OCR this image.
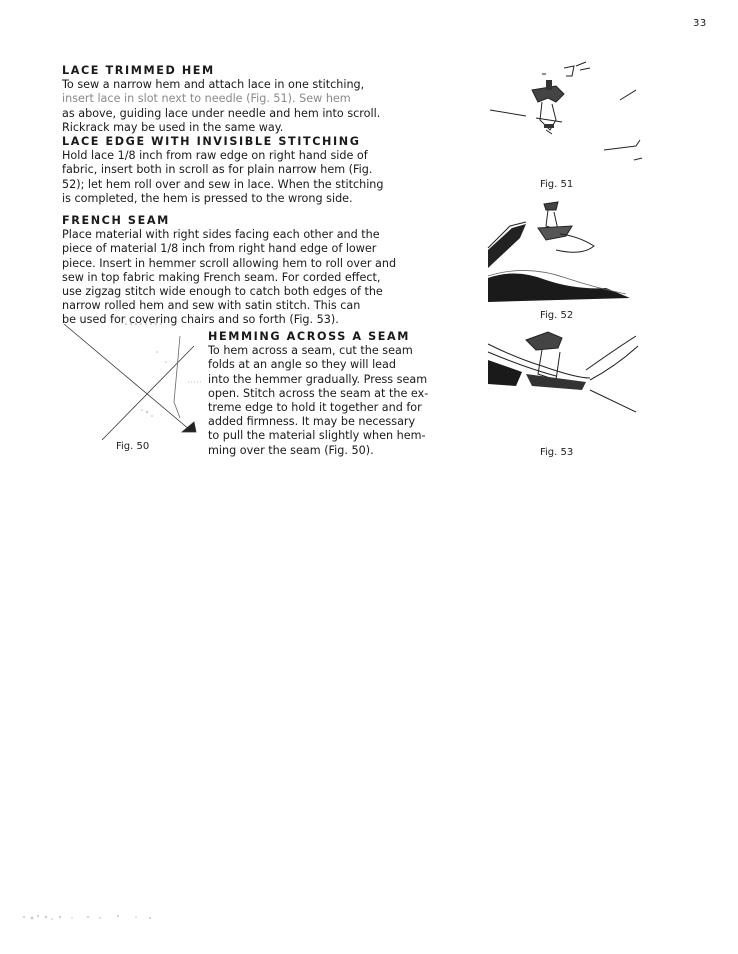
33
LACE TRIMMED HEM

To sew a narrow hem and attach lace in one stitching,

insert lace in slot next to needle (Fig. 51). Sew hem

as above, guiding lace under needle and hem into scroll.

Rickrack may be used in the same way.

LACE EDGE WITH INVISIBLE STITCHING

Hold lace 1/8 inch from raw edge on right hand side of

fabric, insert both in scroll as for plain narrow hem (Fig.

52); let hem roll over and sew in lace. When the stitching

is completed, the hem is pressed to the wrong side.

FRENCH SEAM

Place material with right sides facing each other and the

piece of material 1/8 inch from right hand edge of lower

piece. Insert in hemmer scroll allowing hem to roll over and

sew in top fabric making French seam. For corded effect,

use zigzag stitch wide enough to catch both edges of the

narrow rolled hem and sew with satin stitch. This can

be used for covering chairs and so forth (Fig. 53).

HEMMING ACROSS A SEAM

To hem across a seam, cut the seam

folds at an angle so they will lead

into the hemmer gradually. Press seam

open. Stitch across the seam at the ex-

treme edge to hold it together and for

added firmness. It may be necessary

to pull the material slightly when hem-

ming over the seam (Fig. 50).

Fig. 50
Fig. 51
Fig. 52
Fig. 53
